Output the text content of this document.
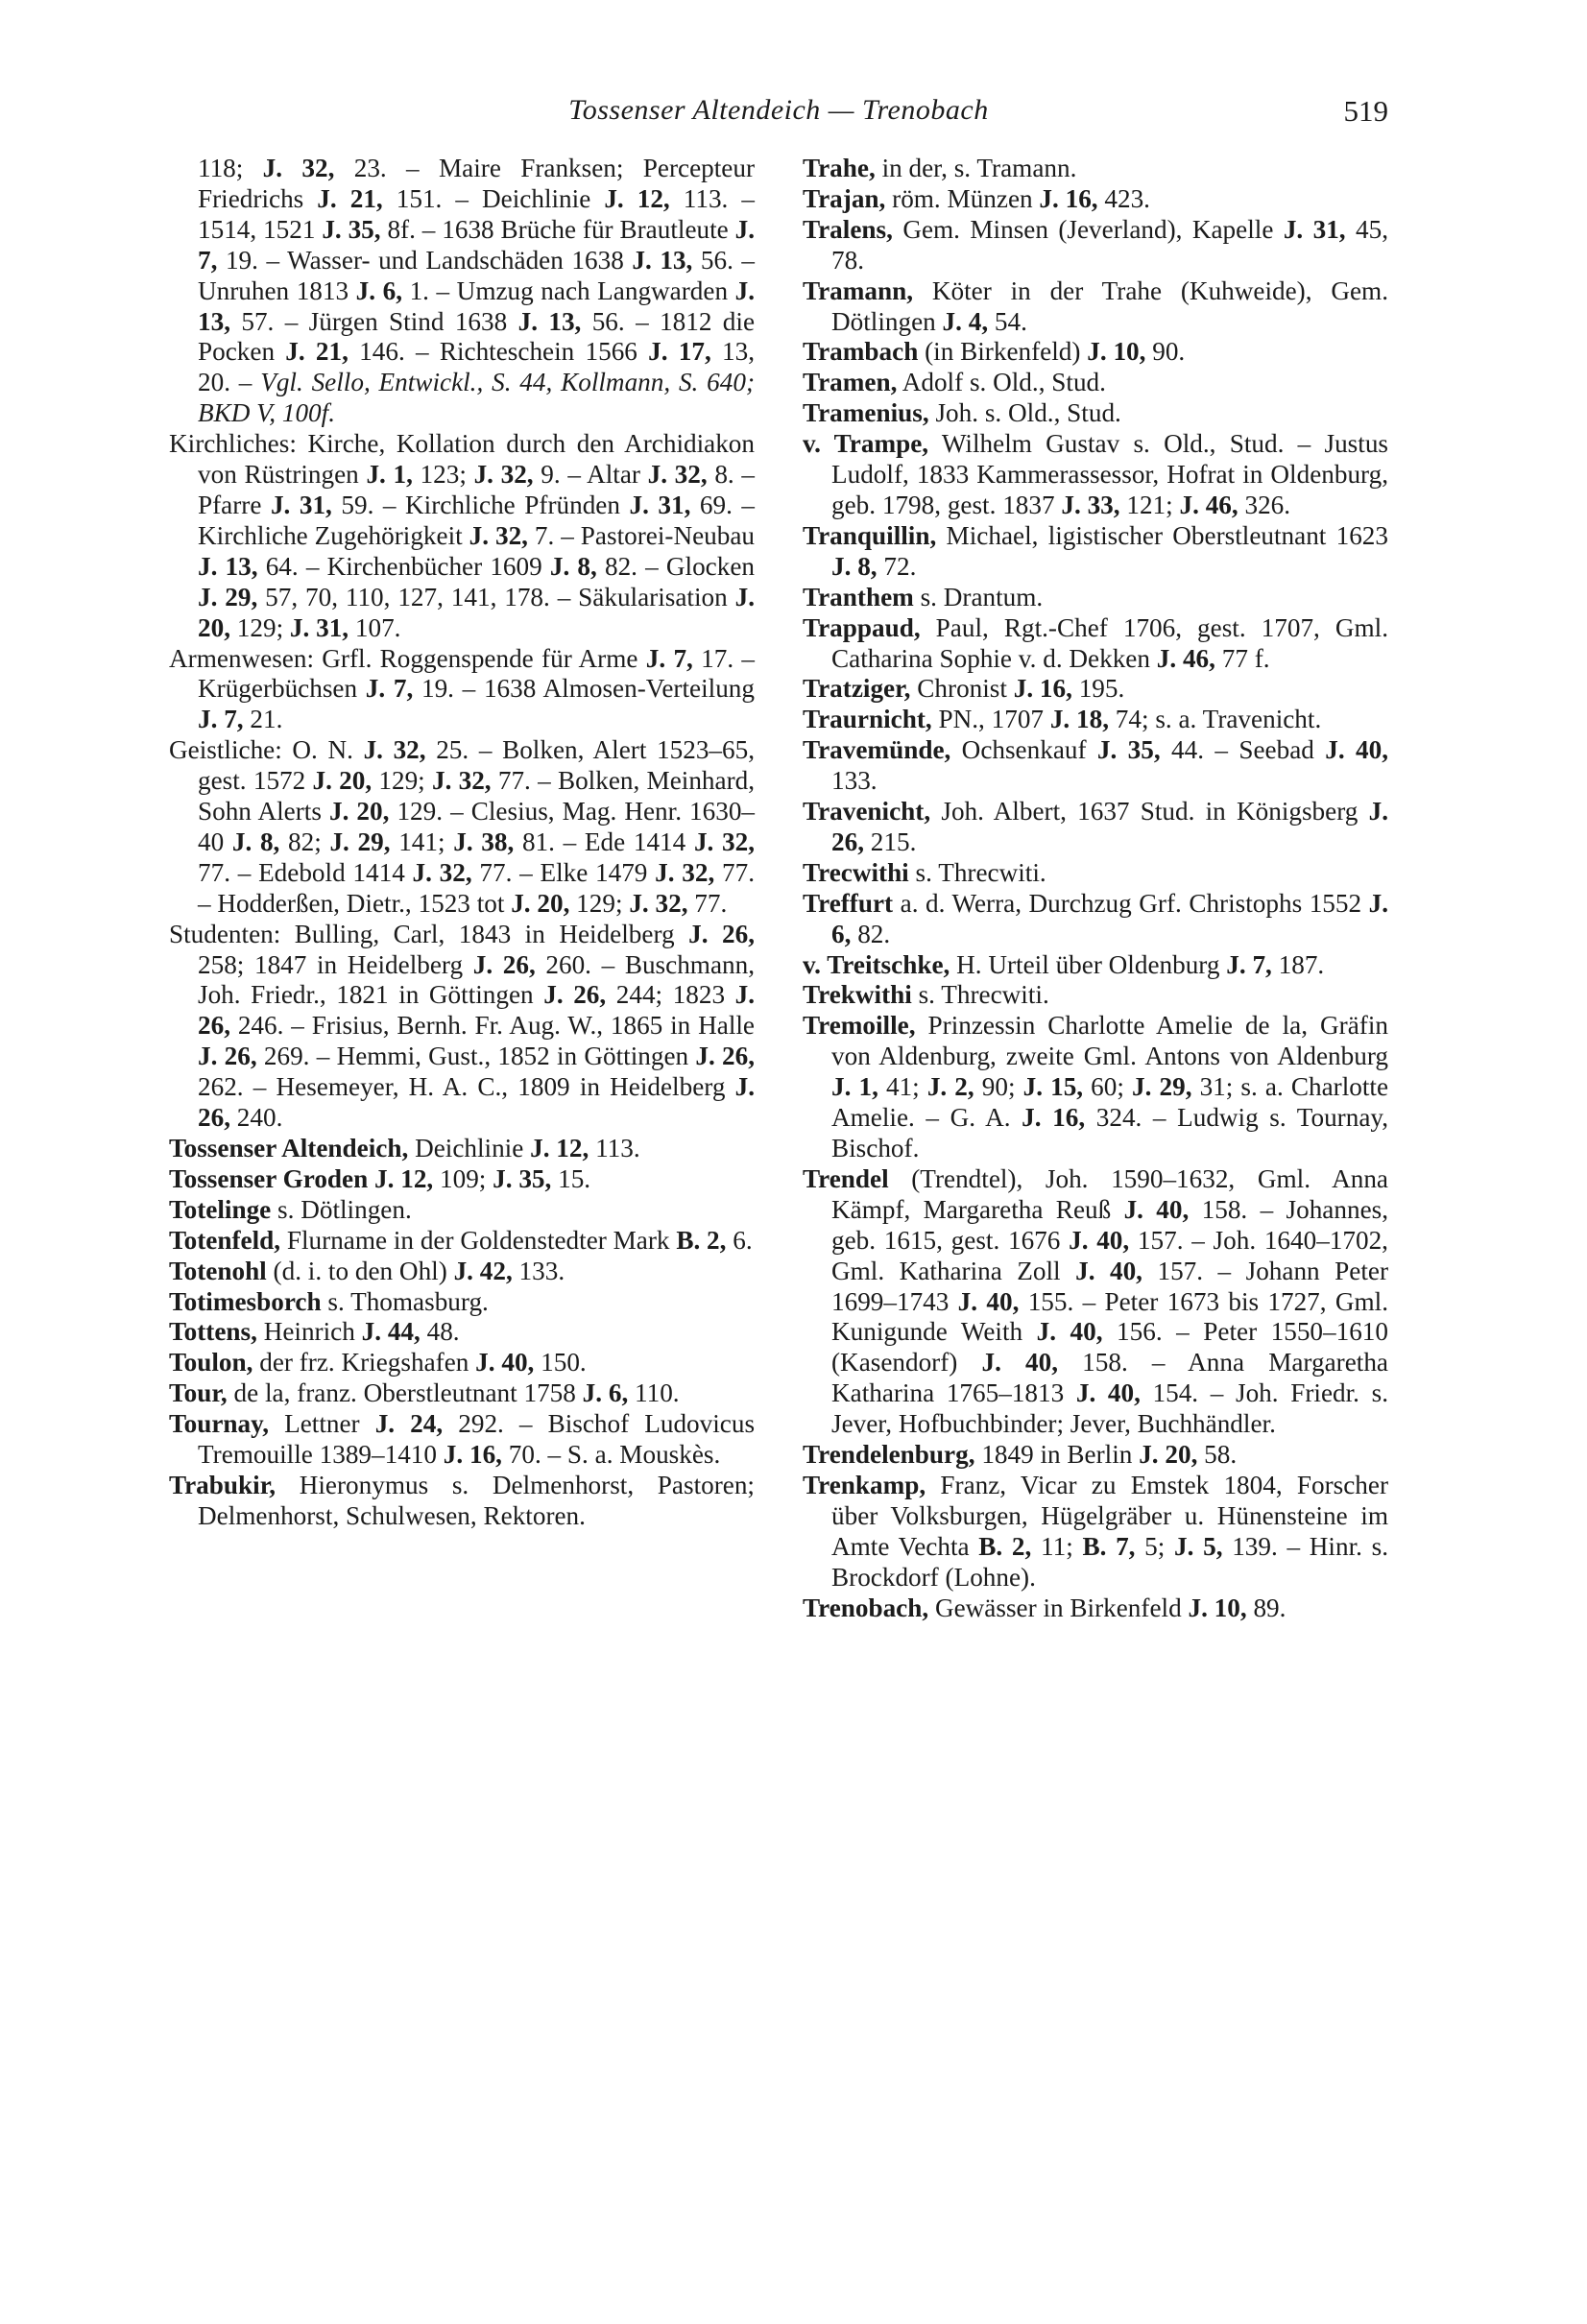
Tossenser Altendeich — Trenobach	519

118; J. 32, 23. – Maire Franksen; Percepteur Friedrichs J. 21, 151. – Deichlinie J. 12, 113. – 1514, 1521 J. 35, 8f. – 1638 Brüche für Brautleute J. 7, 19. – Wasser- und Landschäden 1638 J. 13, 56. – Unruhen 1813 J. 6, 1. – Umzug nach Langwarden J. 13, 57. – Jürgen Stind 1638 J. 13, 56. – 1812 die Pocken J. 21, 146. – Richteschein 1566 J. 17, 13, 20. – Vgl. Sello, Entwickl., S. 44, Kollmann, S. 640; BKD V, 100f.

Kirchliches: Kirche, Kollation durch den Archidiakon von Rüstringen J. 1, 123; J. 32, 9. – Altar J. 32, 8. – Pfarre J. 31, 59. – Kirchliche Pfründen J. 31, 69. – Kirchliche Zugehörigkeit J. 32, 7. – Pastorei-Neubau J. 13, 64. – Kirchenbücher 1609 J. 8, 82. – Glocken J. 29, 57, 70, 110, 127, 141, 178. – Säkularisation J. 20, 129; J. 31, 107.

Armenwesen: Grfl. Roggenspende für Arme J. 7, 17. – Krügerbüchsen J. 7, 19. – 1638 Almosen-Verteilung J. 7, 21.

Geistliche: O. N. J. 32, 25. – Bolken, Alert 1523–65, gest. 1572 J. 20, 129; J. 32, 77. – Bolken, Meinhard, Sohn Alerts J. 20, 129. – Clesius, Mag. Henr. 1630–40 J. 8, 82; J. 29, 141; J. 38, 81. – Ede 1414 J. 32, 77. – Edebold 1414 J. 32, 77. – Elke 1479 J. 32, 77. – Hodderßen, Dietr., 1523 tot J. 20, 129; J. 32, 77.

Studenten: Bulling, Carl, 1843 in Heidelberg J. 26, 258; 1847 in Heidelberg J. 26, 260. – Buschmann, Joh. Friedr., 1821 in Göttingen J. 26, 244; 1823 J. 26, 246. – Frisius, Bernh. Fr. Aug. W., 1865 in Halle J. 26, 269. – Hemmi, Gust., 1852 in Göttingen J. 26, 262. – Hesemeyer, H. A. C., 1809 in Heidelberg J. 26, 240.

Tossenser Altendeich, Deichlinie J. 12, 113.

Tossenser Groden J. 12, 109; J. 35, 15.

Totelinge s. Dötlingen.

Totenfeld, Flurname in der Goldenstedter Mark B. 2, 6.

Totenohl (d. i. to den Ohl) J. 42, 133.

Totimesborch s. Thomasburg.

Tottens, Heinrich J. 44, 48.

Toulon, der frz. Kriegshafen J. 40, 150.

Tour, de la, franz. Oberstleutnant 1758 J. 6, 110.

Tournay, Lettner J. 24, 292. – Bischof Ludovicus Tremouille 1389–1410 J. 16, 70. – S. a. Mouskès.

Trabukir, Hieronymus s. Delmenhorst, Pastoren; Delmenhorst, Schulwesen, Rektoren.

Trahe, in der, s. Tramann.

Trajan, röm. Münzen J. 16, 423.

Tralens, Gem. Minsen (Jeverland), Kapelle J. 31, 45, 78.

Tramann, Köter in der Trahe (Kuhweide), Gem. Dötlingen J. 4, 54.

Trambach (in Birkenfeld) J. 10, 90.

Tramen, Adolf s. Old., Stud.

Tramenius, Joh. s. Old., Stud.

v. Trampe, Wilhelm Gustav s. Old., Stud. – Justus Ludolf, 1833 Kammerassessor, Hofrat in Oldenburg, geb. 1798, gest. 1837 J. 33, 121; J. 46, 326.

Tranquillin, Michael, ligistischer Oberstleutnant 1623 J. 8, 72.

Tranthem s. Drantum.

Trappaud, Paul, Rgt.-Chef 1706, gest. 1707, Gml. Catharina Sophie v. d. Dekken J. 46, 77 f.

Tratziger, Chronist J. 16, 195.

Traurnicht, PN., 1707 J. 18, 74; s. a. Travenicht.

Travemünde, Ochsenkauf J. 35, 44. – Seebad J. 40, 133.

Travenicht, Joh. Albert, 1637 Stud. in Königsberg J. 26, 215.

Trecwithi s. Threcwiti.

Treffurt a. d. Werra, Durchzug Grf. Christophs 1552 J. 6, 82.

v. Treitschke, H. Urteil über Oldenburg J. 7, 187.

Trekwithi s. Threcwiti.

Tremoille, Prinzessin Charlotte Amelie de la, Gräfin von Aldenburg, zweite Gml. Antons von Aldenburg J. 1, 41; J. 2, 90; J. 15, 60; J. 29, 31; s. a. Charlotte Amelie. – G. A. J. 16, 324. – Ludwig s. Tournay, Bischof.

Trendel (Trendtel), Joh. 1590–1632, Gml. Anna Kämpf, Margaretha Reuß J. 40, 158. – Johannes, geb. 1615, gest. 1676 J. 40, 157. – Joh. 1640–1702, Gml. Katharina Zoll J. 40, 157. – Johann Peter 1699–1743 J. 40, 155. – Peter 1673 bis 1727, Gml. Kunigunde Weith J. 40, 156. – Peter 1550–1610 (Kasendorf) J. 40, 158. – Anna Margaretha Katharina 1765–1813 J. 40, 154. – Joh. Friedr. s. Jever, Hofbuchbinder; Jever, Buchhändler.

Trendelenburg, 1849 in Berlin J. 20, 58.

Trenkamp, Franz, Vicar zu Emstek 1804, Forscher über Volksburgen, Hügelgräber u. Hünensteine im Amte Vechta B. 2, 11; B. 7, 5; J. 5, 139. – Hinr. s. Brockdorf (Lohne).

Trenobach, Gewässer in Birkenfeld J. 10, 89.
